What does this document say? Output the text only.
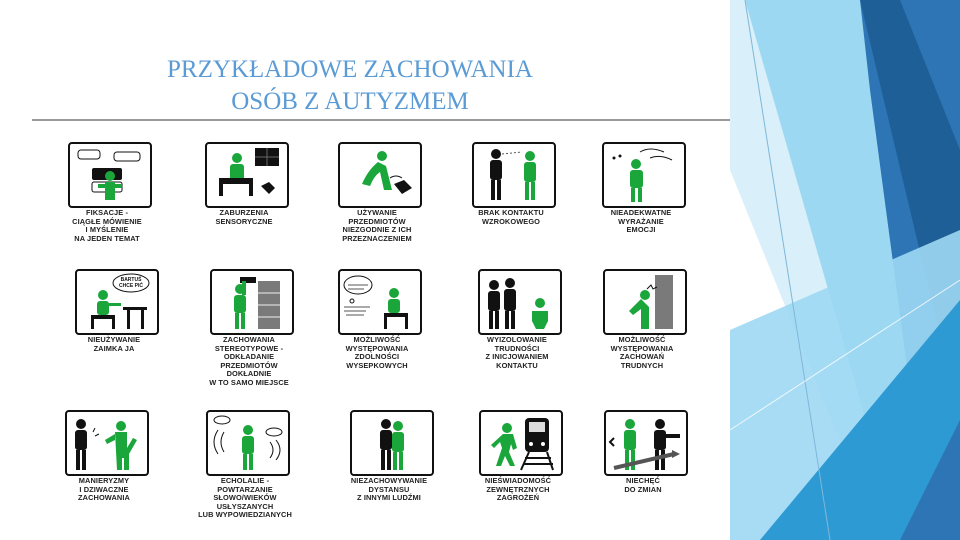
PRZYKŁADOWE ZACHOWANIA
OSÓB Z AUTYZMEM
FIKSACJE -
CIĄGŁE MÓWIENIE
I MYŚLENIE
NA JEDEN TEMAT
ZABURZENIA
SENSORYCZNE
UŻYWANIE
PRZEDMIOTÓW
NIEZGODNIE Z ICH
PRZEZNACZENIEM
BRAK KONTAKTU
WZROKOWEGO
NIEADEKWATNE
WYRAŻANIE
EMOCJI
BARTUŚ
CHCE PIĆ
NIEUŻYWANIE
ZAIMKA JA
ZACHOWANIA
STEREOTYPOWE -
ODKŁADANIE
PRZEDMIOTÓW
DOKŁADNIE
W TO SAMO MIEJSCE
MOŻLIWOŚĆ
WYSTĘPOWANIA
ZDOLNOŚCI
WYSEPKOWYCH
WYIZOLOWANIE
TRUDNOŚCI
Z INICJOWANIEM
KONTAKTU
MOŻLIWOŚĆ
WYSTĘPOWANIA
ZACHOWAŃ
TRUDNYCH
MANIERYZMY
I DZIWACZNE
ZACHOWANIA
ECHOLALIE -
POWTARZANIE
SŁOWO/WIEKÓW
USŁYSZANYCH
LUB WYPOWIEDZIANYCH
NIEZACHOWYWANIE
DYSTANSU
Z INNYMI LUDŹMI
NIEŚWIADOMOŚĆ
ZEWNĘTRZNYCH
ZAGROŻEŃ
NIECHĘĆ
DO ZMIAN
